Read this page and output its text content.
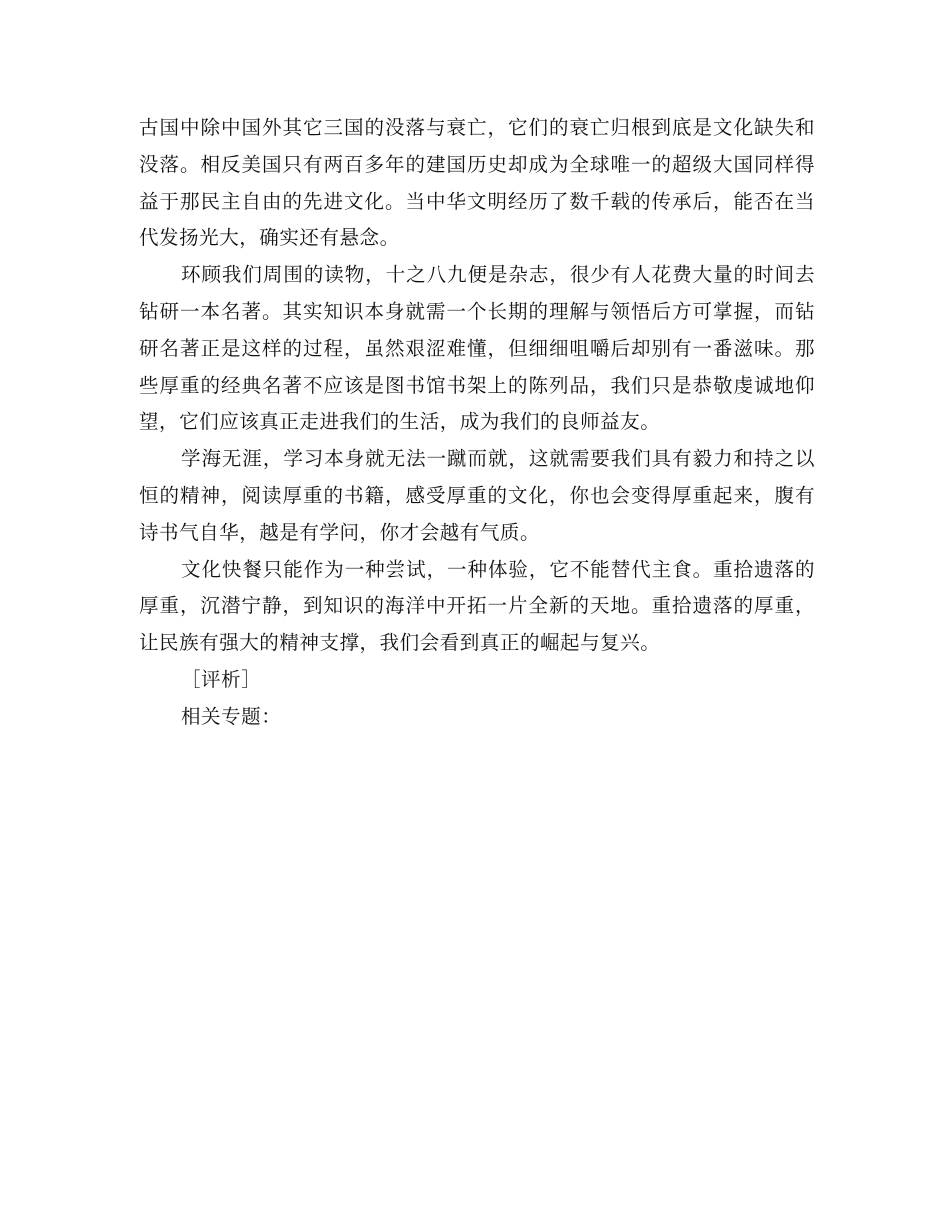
古国中除中国外其它三国的没落与衰亡，它们的衰亡归根到底是文化缺失和没落。相反美国只有两百多年的建国历史却成为全球唯一的超级大国同样得益于那民主自由的先进文化。当中华文明经历了数千载的传承后，能否在当代发扬光大，确实还有悬念。

环顾我们周围的读物，十之八九便是杂志，很少有人花费大量的时间去钻研一本名著。其实知识本身就需一个长期的理解与领悟后方可掌握，而钻研名著正是这样的过程，虽然艰涩难懂，但细细咀嚼后却别有一番滋味。那些厚重的经典名著不应该是图书馆书架上的陈列品，我们只是恭敬虔诚地仰望，它们应该真正走进我们的生活，成为我们的良师益友。

学海无涯，学习本身就无法一蹴而就，这就需要我们具有毅力和持之以恒的精神，阅读厚重的书籍，感受厚重的文化，你也会变得厚重起来，腹有诗书气自华，越是有学问，你才会越有气质。

文化快餐只能作为一种尝试，一种体验，它不能替代主食。重拾遗落的厚重，沉潜宁静，到知识的海洋中开拓一片全新的天地。重拾遗落的厚重，让民族有强大的精神支撑，我们会看到真正的崛起与复兴。

［评析］

相关专题：
